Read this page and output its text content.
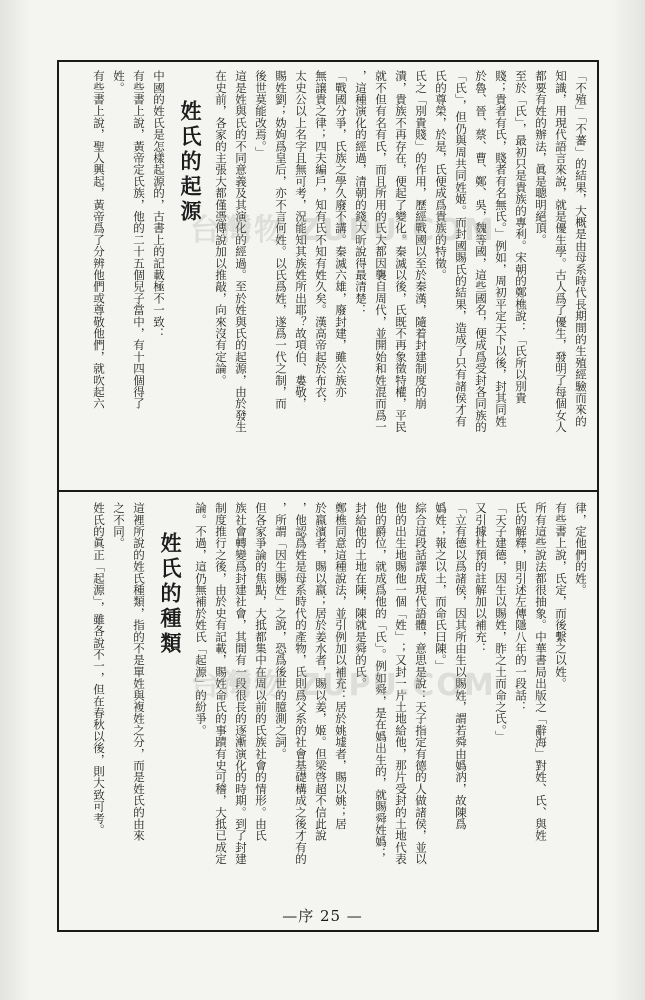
「不殖」「不蕃」的結果，大概是由母系時代長期間的生殖經驗而來的
知識，用現代語言來說，就是優生學。古人爲了優生，發明了每個女人
都要有姓的辦法，眞是聰明絕頂。
至於「氏」，最初只是貴族的專利。宋朝的鄭樵說：「氏所以別貴
賤；貴者有氏，賤者有名無氏。」例如，周初平定天下以後，封其同姓
於魯、晉、蔡、曹、鄭、吳，魏等國，這些國名，便成爲受封各同族的
「氏」，但仍與周共同姓姬。而封國賜氏的結果，造成了只有諸侯才有
氏的尊榮，於是，氏便成爲貴族的特徵。
氏之「別貴賤」的作用，歷經戰國以至於秦漢，隨着封建制度的崩
潰，貴族不再存在，便起了變化。秦滅以後，氏既不再象徵特權，平民
就不但有名有氏，而且所用的氏大都因襲自周代，並開始和姓混而爲一
，這種演化的經過，清朝的錢大昕說得最清楚：
「戰國分爭，氏族之學久廢不講。秦滅六雄，廢封建，雖公族亦
無譲貴之律；四夫編戶，知有氏不知有姓久矣。漢高帝起於布衣，
太史公以上名字且無可考，況能知其族姓所出耶？故項伯、婁敬，
賜姓劉；妫姁爲皇后，亦不言何姓。以氏爲姓，遂爲一代之制，而
後世莫能改焉。」
這是姓與氏的不同意義及其演化的經過。至於姓與氏的起源，由於發生
在史前，各家的主張大都僅憑傳說加以推敲，向來沒有定論。
姓氏的起源
中國的姓氏是怎樣起源的，古書上的記載極不一致：
有些書上說，黃帝定氏族，他的二十五個兒子當中，有十四個得了
姓。
有些書上說，聖人興起，黃帝爲了分辨他們或尊敬他們，就吹起六
律，定他們的姓。
有些書上說，氏定，而後繫之以姓。
所有這些說法都很抽象。中華書局出版之「辭海」對姓、氏、與姓
氏的解釋，則引述左傳隱八年的一段話：
「天子建德，因生以賜姓，胙之土而命之氏。」
又引據杜預的註解加以補充：
「立有德以爲諸侯，因其所由生以賜姓，謂若舜由嬀汭，故陳爲
嬀姓；報之以土，而命氏曰陳。」
綜合這段話譯成現代語體，意思是說：天子指定有德的人做諸侯，並以
他的出生地賜他一個「姓」；又封一片土地給他，那片受封的土地代表
他的爵位，就成爲他的「氏」。例如舜，是在嬀出生的，就賜舜姓嬀；
封給他的土地在陳，陳就是舜的氏。
鄭樵同意這種說法，並引例加以補充：居於姚墟者，賜以姚；居
於嬴濱者，賜以嬴；居於姜水者，賜以姜，姬。但梁啓超不信此說
，他認爲姓是母系時代的產物，氏則爲父系的社會基礎構成之後才有的
，所謂「因生賜姓」之說，恐爲後世的臆測之詞。
但各家爭論的焦點，大抵都集中在周以前的氏族社會的情形。由氏
族社會轉變爲封建社會，其間有一段很長的逐漸演化的時期。到了封建
制度推行之後，由於史有記載，賜姓命氏的事蹟有史可稽，大抵已成定
論。不過，這仍無補於姓氏「起源」的紛爭。
姓氏的種類
這裡所說的姓氏種類，指的不是單姓與複姓之分，而是姓氏的由來
之不同。
姓氏的眞正「起源」，雖各說不一，但在春秋以後，則大致可考。
台灣物 ZUPU.COM
台灣物 ZUPU.COM
—序 25 —
